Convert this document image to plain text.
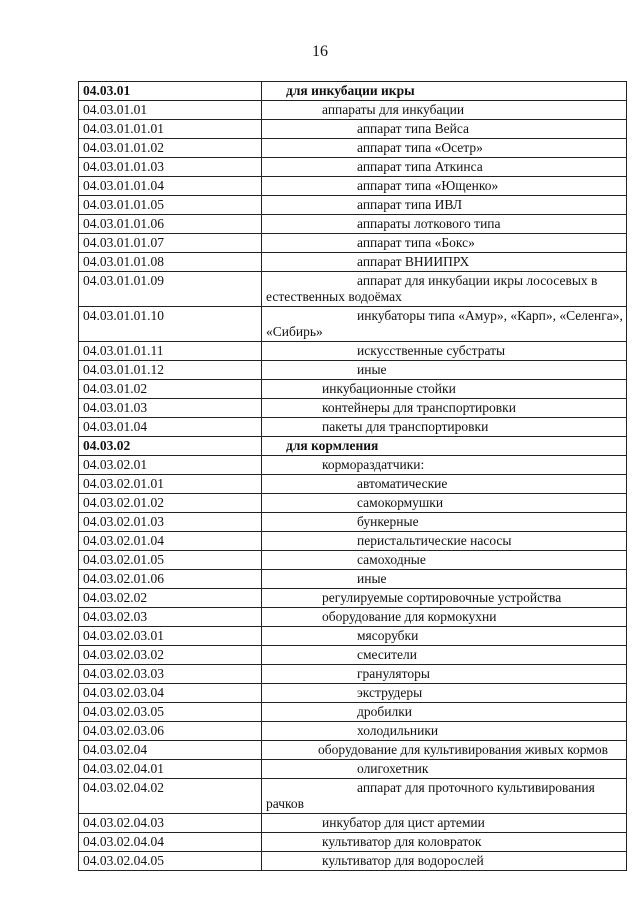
16
04.03.01	для инкубации икры

04.03.01.01	аппараты для инкубации

04.03.01.01.01	аппарат типа Вейса

04.03.01.01.02	аппарат типа «Осетр»

04.03.01.01.03	аппарат типа Аткинса

04.03.01.01.04	аппарат типа «Ющенко»

04.03.01.01.05	аппарат типа ИВЛ

04.03.01.01.06	аппараты лоткового типа

04.03.01.01.07	аппарат типа «Бокс»

04.03.01.01.08	аппарат ВНИИПРХ

04.03.01.01.09	аппарат для инкубации икры лососевых в естественных водоёмах

04.03.01.01.10	инкубаторы типа «Амур», «Карп», «Селенга», «Сибирь»

04.03.01.01.11	искусственные субстраты

04.03.01.01.12	иные

04.03.01.02	инкубационные стойки

04.03.01.03	контейнеры для транспортировки

04.03.01.04	пакеты для транспортировки

04.03.02	для кормления

04.03.02.01	кормораздатчики:

04.03.02.01.01	автоматические

04.03.02.01.02	самокормушки

04.03.02.01.03	бункерные

04.03.02.01.04	перистальтические насосы

04.03.02.01.05	самоходные

04.03.02.01.06	иные

04.03.02.02	регулируемые сортировочные устройства

04.03.02.03	оборудование для кормокухни

04.03.02.03.01	мясорубки

04.03.02.03.02	смесители

04.03.02.03.03	грануляторы

04.03.02.03.04	экструдеры

04.03.02.03.05	дробилки

04.03.02.03.06	холодильники

04.03.02.04	оборудование для культивирования живых кормов

04.03.02.04.01	олигохетник

04.03.02.04.02	аппарат для проточного культивирования рачков

04.03.02.04.03	инкубатор для цист артемии

04.03.02.04.04	культиватор для коловраток

04.03.02.04.05	культиватор для водорослей
